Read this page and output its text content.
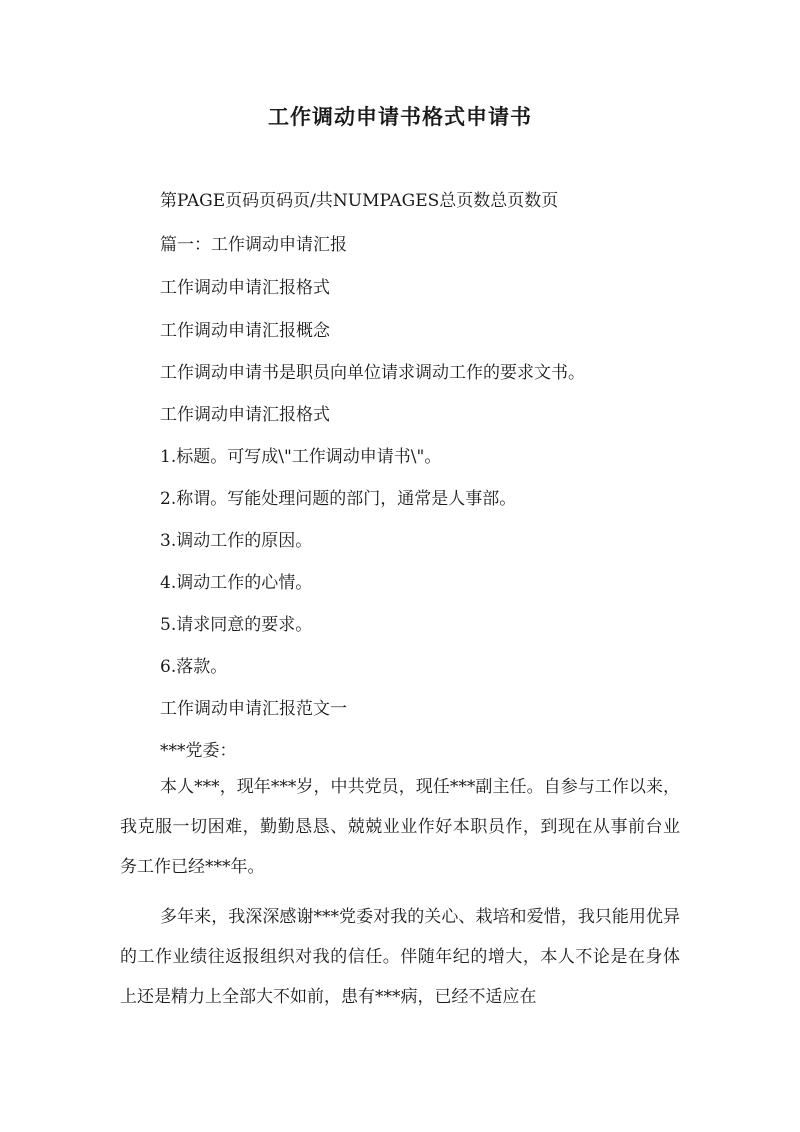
工作调动申请书格式申请书

第PAGE页码页码页/共NUMPAGES总页数总页数页

篇一：工作调动申请汇报

工作调动申请汇报格式

工作调动申请汇报概念

工作调动申请书是职员向单位请求调动工作的要求文书。

工作调动申请汇报格式

1.标题。可写成\"工作调动申请书\"。

2.称谓。写能处理问题的部门，通常是人事部。

3.调动工作的原因。

4.调动工作的心情。

5.请求同意的要求。

6.落款。

工作调动申请汇报范文一

***党委：

本人***，现年***岁，中共党员，现任***副主任。自参与工作以来，我克服一切困难，勤勤恳恳、兢兢业业作好本职员作，到现在从事前台业务工作已经***年。

多年来，我深深感谢***党委对我的关心、栽培和爱惜，我只能用优异的工作业绩往返报组织对我的信任。伴随年纪的增大，本人不论是在身体上还是精力上全部大不如前，患有***病，已经不适应在
